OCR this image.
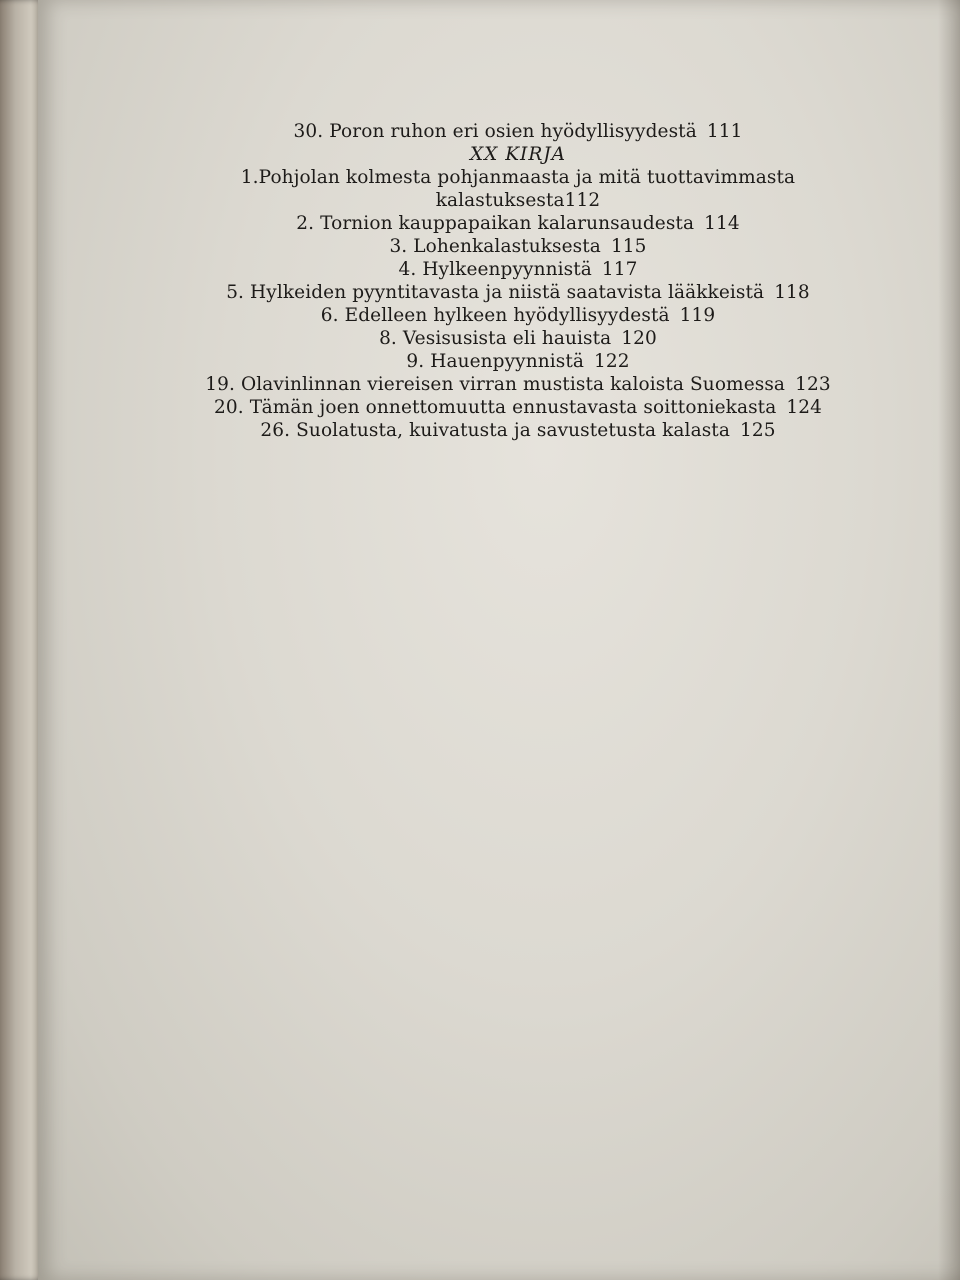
30. Poron ruhon eri osien hyödyllisyydestä 111
XX KIRJA
1.Pohjolan kolmesta pohjanmaasta ja mitä tuottavimmasta
kalastuksesta112
2. Tornion kauppapaikan kalarunsaudesta 114
3. Lohenkalastuksesta 115
4. Hylkeenpyynnistä 117
5. Hylkeiden pyyntitavasta ja niistä saatavista lääkkeistä 118
6. Edelleen hylkeen hyödyllisyydestä 119
8. Vesisusista eli hauista 120
9. Hauenpyynnistä 122
19. Olavinlinnan viereisen virran mustista kaloista Suomessa 123
20. Tämän joen onnettomuutta ennustavasta soittoniekasta 124
26. Suolatusta, kuivatusta ja savustetusta kalasta 125
